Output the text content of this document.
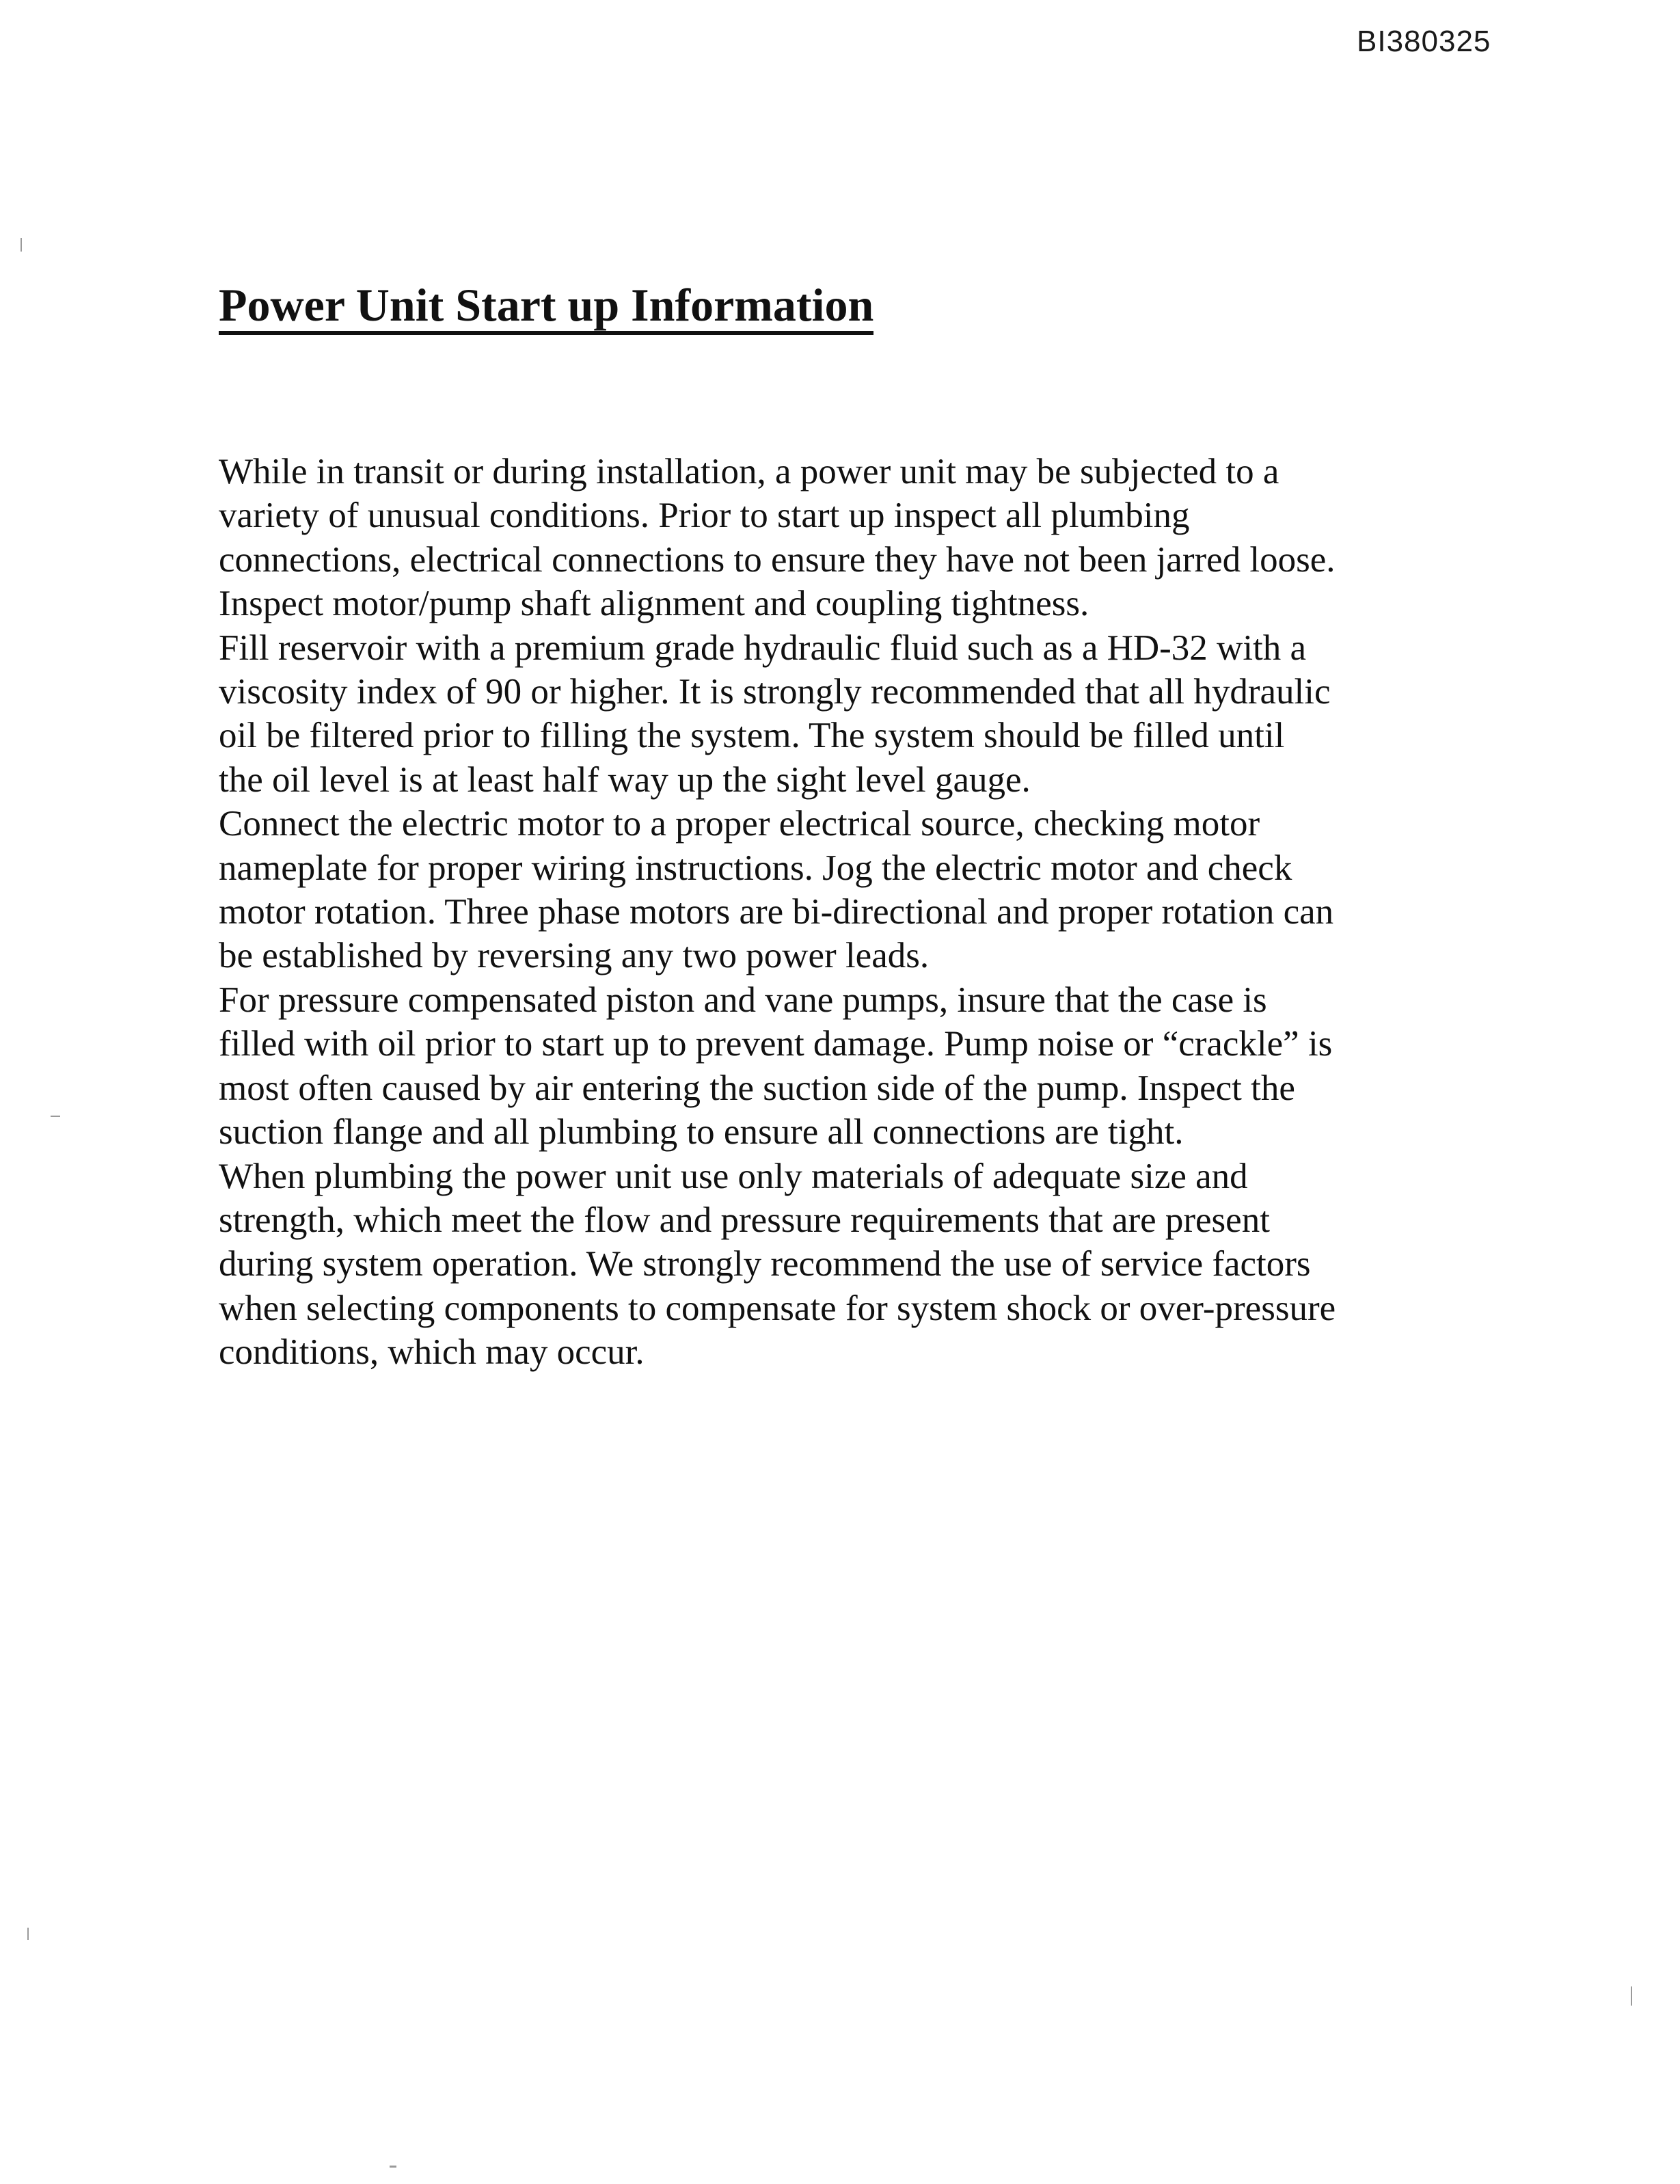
BI380325
Power Unit Start up Information
While in transit or during installation, a power unit may be subjected to a
variety of unusual conditions. Prior to start up inspect all plumbing
connections, electrical connections to ensure they have not been jarred loose.
Inspect motor/pump shaft alignment and coupling tightness.
Fill reservoir with a premium grade hydraulic fluid such as a HD-32 with a
viscosity index of 90 or higher. It is strongly recommended that all hydraulic
oil be filtered prior to filling the system. The system should be filled until
the oil level is at least half way up the sight level gauge.
Connect the electric motor to a proper electrical source, checking motor
nameplate for proper wiring instructions. Jog the electric motor and check
motor rotation. Three phase motors are bi-directional and proper rotation can
be established by reversing any two power leads.
For pressure compensated piston and vane pumps, insure that the case is
filled with oil prior to start up to prevent damage. Pump noise or “crackle” is
most often caused by air entering the suction side of the pump. Inspect the
suction flange and all plumbing to ensure all connections are tight.
When plumbing the power unit use only materials of adequate size and
strength, which meet the flow and pressure requirements that are present
during system operation. We strongly recommend the use of service factors
when selecting components to compensate for system shock or over-pressure
conditions, which may occur.
